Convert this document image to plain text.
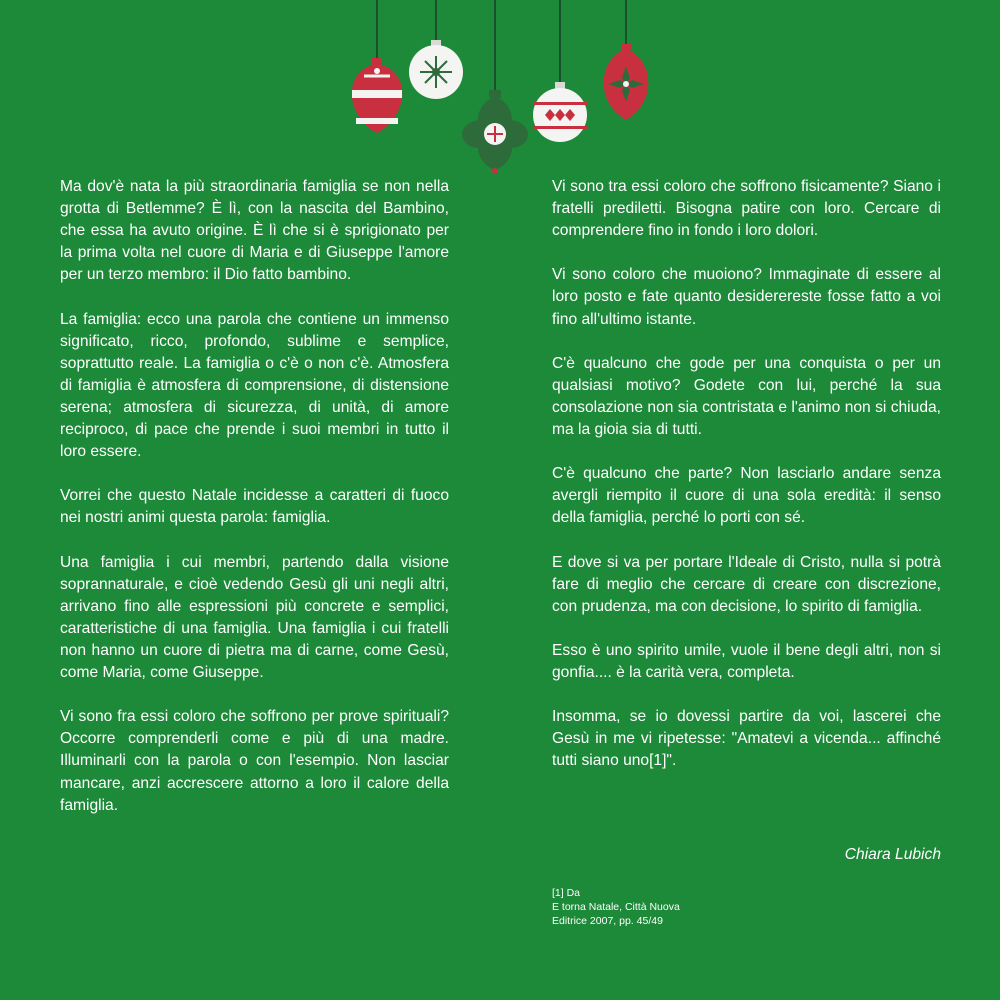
Ma dov'è nata la più straordinaria famiglia se non nella grotta di Betlemme? È lì, con la nascita del Bambino, che essa ha avuto origine. È lì che si è sprigionato per la prima volta nel cuore di Maria e di Giuseppe l'amore per un terzo membro: il Dio fatto bambino.

La famiglia: ecco una parola che contiene un immenso significato, ricco, profondo, sublime e semplice, soprattutto reale. La famiglia o c'è o non c'è. Atmosfera di famiglia è atmosfera di comprensione, di distensione serena; atmosfera di sicurezza, di unità, di amore reciproco, di pace che prende i suoi membri in tutto il loro essere.

Vorrei che questo Natale incidesse a caratteri di fuoco nei nostri animi questa parola: famiglia.

Una famiglia i cui membri, partendo dalla visione soprannaturale, e cioè vedendo Gesù gli uni negli altri, arrivano fino alle espressioni più concrete e semplici, caratteristiche di una famiglia. Una famiglia i cui fratelli non hanno un cuore di pietra ma di carne, come Gesù, come Maria, come Giuseppe.

Vi sono fra essi coloro che soffrono per prove spirituali? Occorre comprenderli come e più di una madre. Illuminarli con la parola o con l'esempio. Non lasciar mancare, anzi accrescere attorno a loro il calore della famiglia.

Vi sono tra essi coloro che soffrono fisicamente? Siano i fratelli prediletti. Bisogna patire con loro. Cercare di comprendere fino in fondo i loro dolori.

Vi sono coloro che muoiono? Immaginate di essere al loro posto e fate quanto desiderereste fosse fatto a voi fino all'ultimo istante.

C'è qualcuno che gode per una conquista o per un qualsiasi motivo? Godete con lui, perché la sua consolazione non sia contristata e l'animo non si chiuda, ma la gioia sia di tutti.

C'è qualcuno che parte? Non lasciarlo andare senza avergli riempito il cuore di una sola eredità: il senso della famiglia, perché lo porti con sé.

E dove si va per portare l'Ideale di Cristo, nulla si potrà fare di meglio che cercare di creare con discrezione, con prudenza, ma con decisione, lo spirito di famiglia.

Esso è uno spirito umile, vuole il bene degli altri, non si gonfia.... è la carità vera, completa.

Insomma, se io dovessi partire da voi, lascerei che Gesù in me vi ripetesse: "Amatevi a vicenda... affinché tutti siano uno[1]".

Chiara Lubich
[1] Da
E torna Natale, Città Nuova
Editrice 2007, pp. 45/49
